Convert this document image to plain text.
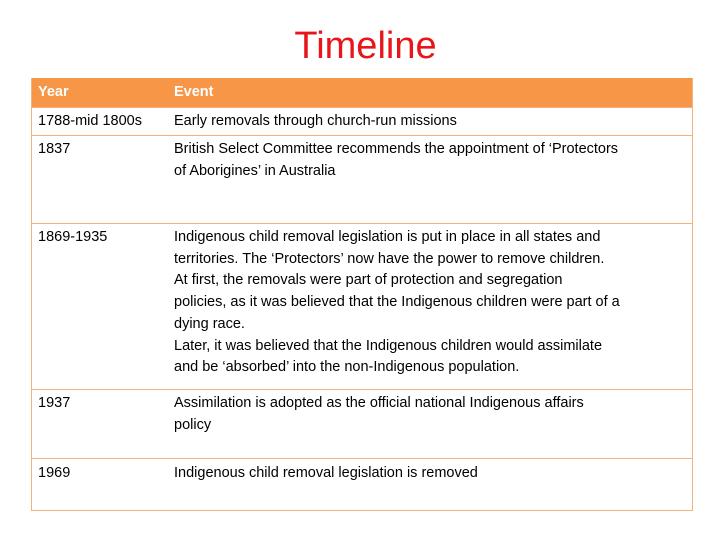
Timeline
Year	Event
1788-mid 1800s	Early removals through church-run missions
1837	British Select Committee recommends the appointment of ‘Protectors
of Aborigines’ in Australia
1869-1935	Indigenous child removal legislation is put in place in all states and
territories. The ‘Protectors’ now have the power to remove children.
At first, the removals were part of protection and segregation
policies, as it was believed that the Indigenous children were part of a
dying race.
Later, it was believed that the Indigenous children would assimilate
and be ‘absorbed’ into the non-Indigenous population.
1937	Assimilation is adopted as the official national Indigenous affairs
policy
1969	Indigenous child removal legislation is removed
